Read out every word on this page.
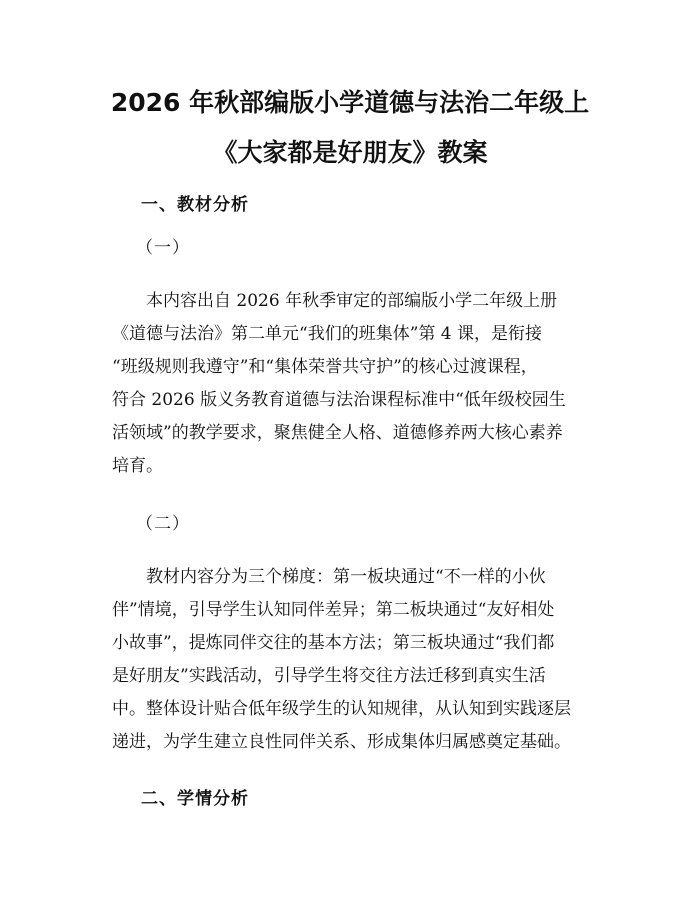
2026 年秋部编版小学道德与法治二年级上
《大家都是好朋友》教案
一、教材分析
（一）
　　本内容出自 2026 年秋季审定的部编版小学二年级上册
《道德与法治》第二单元“我们的班集体”第 4 课，是衔接
“班级规则我遵守”和“集体荣誉共守护”的核心过渡课程，
符合 2026 版义务教育道德与法治课程标准中“低年级校园生
活领域”的教学要求，聚焦健全人格、道德修养两大核心素养
培育。
（二）
　　教材内容分为三个梯度：第一板块通过“不一样的小伙
伴”情境，引导学生认知同伴差异；第二板块通过“友好相处
小故事”，提炼同伴交往的基本方法；第三板块通过“我们都
是好朋友”实践活动，引导学生将交往方法迁移到真实生活
中。整体设计贴合低年级学生的认知规律，从认知到实践逐层
递进，为学生建立良性同伴关系、形成集体归属感奠定基础。
二、学情分析
